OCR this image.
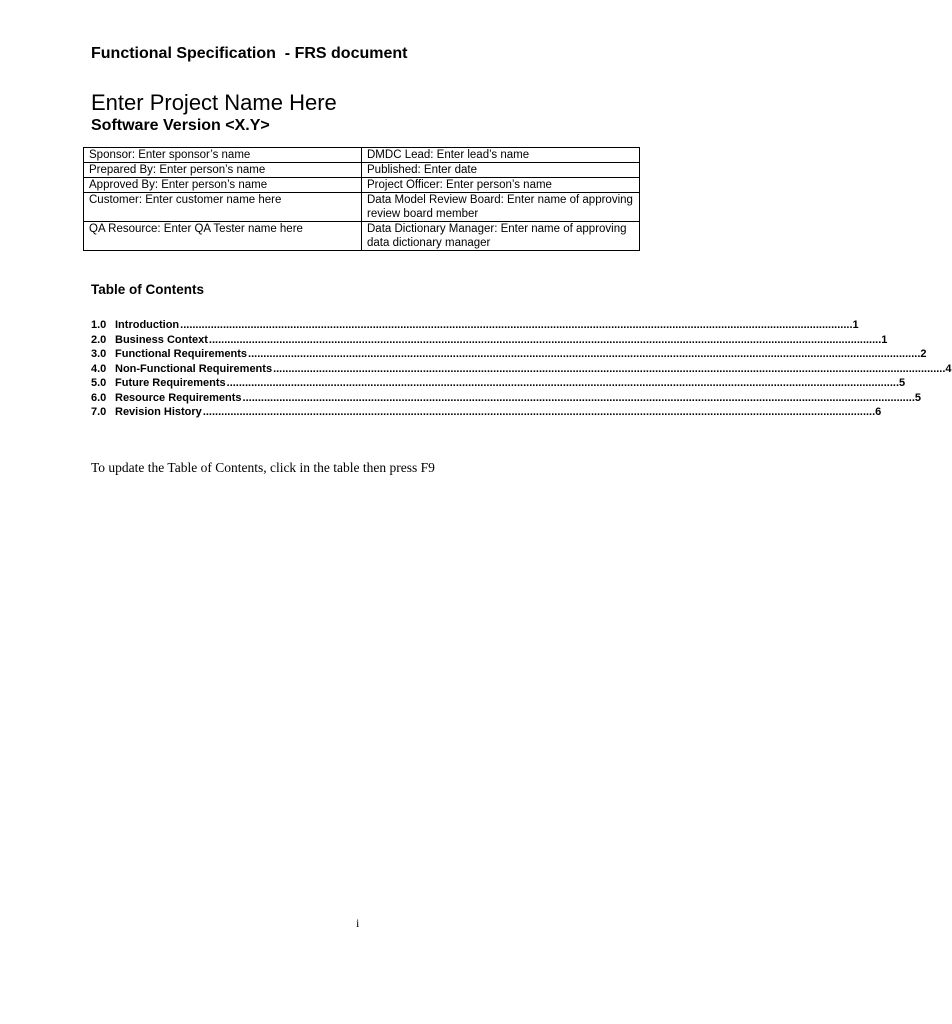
Functional Specification  - FRS document
Enter Project Name Here
Software Version <X.Y>
Sponsor: Enter sponsor’s name	DMDC Lead: Enter lead’s name
Prepared By: Enter person’s name	Published: Enter date
Approved By: Enter person’s name	Project Officer: Enter person’s name
Customer: Enter customer name here	Data Model Review Board: Enter name of approving review board member
QA Resource: Enter QA Tester name here	Data Dictionary Manager: Enter name of approving data dictionary manager
Table of Contents
1.0 Introduction ............................................................................................................................................................................................................................ 1
2.0 Business Context ............................................................................................................................................................................................................................ 1
3.0 Functional Requirements ............................................................................................................................................................................................................................ 2
4.0 Non-Functional Requirements ............................................................................................................................................................................................................................ 4
5.0 Future Requirements ............................................................................................................................................................................................................................ 5
6.0 Resource Requirements ............................................................................................................................................................................................................................ 5
7.0 Revision History ............................................................................................................................................................................................................................ 6
To update the Table of Contents, click in the table then press F9
i
